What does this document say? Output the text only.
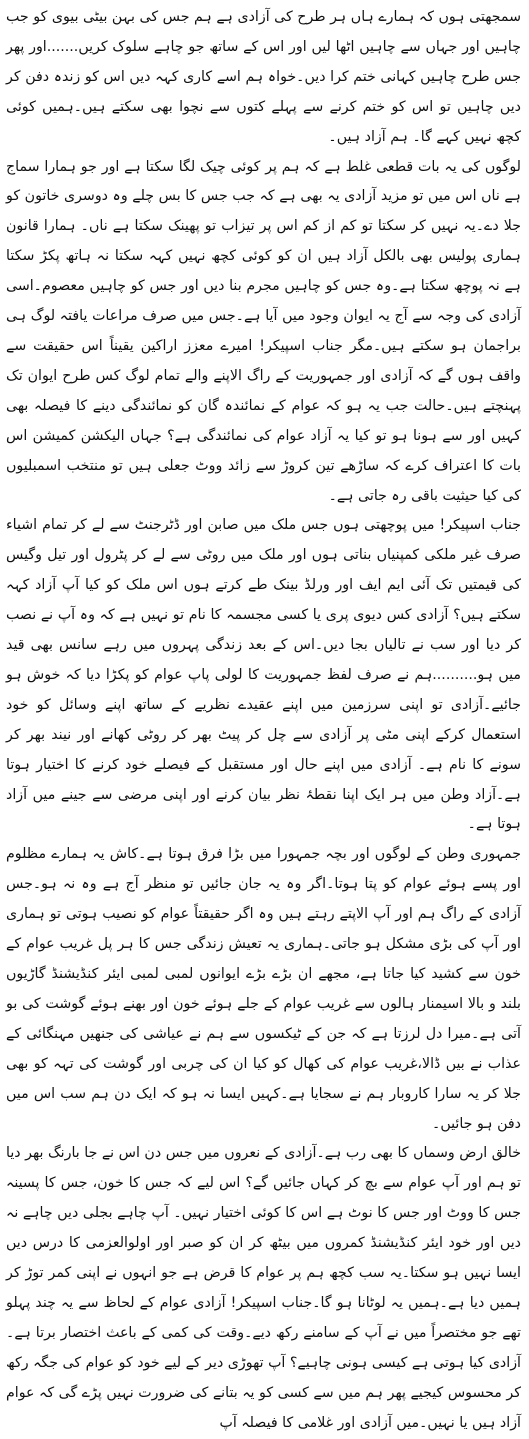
سمجھتی ہوں کہ ہمارے ہاں ہر طرح کی آزادی ہے ہم جس کی بہن بیٹی بیوی کو جب چاہیں اور جہاں سے چاہیں اٹھا لیں اور اس کے ساتھ جو چاہے سلوک کریں.......اور پھر جس طرح چاہیں کہانی ختم کرا دیں۔خواہ ہم اسے کاری کہہ دیں اس کو زندہ دفن کر دیں چاہیں تو اس کو ختم کرنے سے پہلے کتوں سے نچوا بھی سکتے ہیں۔ہمیں کوئی کچھ نہیں کہے گا۔ ہم آزاد ہیں۔

لوگوں کی یہ بات قطعی غلط ہے کہ ہم پر کوئی چیک لگا سکتا ہے اور جو ہمارا سماج ہے ناں اس میں تو مزید آزادی یہ بھی ہے کہ جب جس کا بس چلے وہ دوسری خاتون کو جلا دے۔یہ نہیں کر سکتا تو کم از کم اس پر تیزاب تو پھینک سکتا ہے ناں۔ ہمارا قانون ہماری پولیس بھی بالکل آزاد ہیں ان کو کوئی کچھ نہیں کہہ سکتا نہ ہاتھ پکڑ سکتا ہے نہ پوچھ سکتا ہے۔وہ جس کو چاہیں مجرم بنا دیں اور جس کو چاہیں معصوم۔اسی آزادی کی وجہ سے آج یہ ایوان وجود میں آیا ہے۔جس میں صرف مراعات یافتہ لوگ ہی براجمان ہو سکتے ہیں۔مگر جناب اسپیکر! امیرے معزز اراکین یقیناً اس حقیقت سے واقف ہوں گے کہ آزادی اور جمہوریت کے راگ الاپنے والے تمام لوگ کس طرح ایوان تک پہنچتے ہیں۔حالت جب یہ ہو کہ عوام کے نمائندہ گان کو نمائندگی دینے کا فیصلہ بھی کہیں اور سے ہونا ہو تو کیا یہ آزاد عوام کی نمائندگی ہے؟ جہاں الیکشن کمیشن اس بات کا اعتراف کرے کہ ساڑھے تین کروڑ سے زائد ووٹ جعلی ہیں تو منتخب اسمبلیوں کی کیا حیثیت باقی رہ جاتی ہے۔

جناب اسپیکر! میں پوچھتی ہوں جس ملک میں صابن اور ڈٹرجنٹ سے لے کر تمام اشیاء صرف غیر ملکی کمپنیاں بناتی ہوں اور ملک میں روٹی سے لے کر پٹرول اور تیل وگیس کی قیمتیں تک آئی ایم ایف اور ورلڈ بینک طے کرتے ہوں اس ملک کو کیا آپ آزاد کہہ سکتے ہیں؟ آزادی کس دیوی پری یا کسی مجسمہ کا نام تو نہیں ہے کہ وہ آپ نے نصب کر دیا اور سب نے تالیاں بجا دیں۔اس کے بعد زندگی پہروں میں رہے سانس بھی قید میں ہو..........ہم نے صرف لفظ جمہوریت کا لولی پاپ عوام کو پکڑا دیا کہ خوش ہو جائیے۔آزادی تو اپنی سرزمین میں اپنے عقیدے نظریے کے ساتھ اپنے وسائل کو خود استعمال کرکے اپنی مٹی پر آزادی سے چل کر پیٹ بھر کر روٹی کھانے اور نیند بھر کر سونے کا نام ہے۔ آزادی میں اپنے حال اور مستقبل کے فیصلے خود کرنے کا اختیار ہوتا ہے۔آزاد وطن میں ہر ایک اپنا نقطۂ نظر بیان کرنے اور اپنی مرضی سے جینے میں آزاد ہوتا ہے۔

جمہوری وطن کے لوگوں اور بچہ جمہورا میں بڑا فرق ہوتا ہے۔کاش یہ ہمارے مظلوم اور پسے ہوئے عوام کو پتا ہوتا۔اگر وہ یہ جان جائیں تو منظر آج ہے وہ نہ ہو۔جس آزادی کے راگ ہم اور آپ الاپتے رہتے ہیں وہ اگر حقیقتاً عوام کو نصیب ہوتی تو ہماری اور آپ کی بڑی مشکل ہو جاتی۔ہماری یہ تعیش زندگی جس کا ہر پل غریب عوام کے خون سے کشید کیا جاتا ہے، مجھے ان بڑے بڑے ایوانوں لمبی لمبی ایئر کنڈیشنڈ گاڑیوں بلند و بالا اسیمنار ہالوں سے غریب عوام کے جلے ہوئے خون اور بھنے ہوئے گوشت کی بو آتی ہے۔میرا دل لرزتا ہے کہ جن کے ٹیکسوں سے ہم نے عیاشی کی جنھیں مہنگائی کے عذاب نے بیں ڈالا،غریب عوام کی کھال کو کیا ان کی چربی اور گوشت کی تہہ کو بھی جلا کر یہ سارا کاروبار ہم نے سجایا ہے۔کہیں ایسا نہ ہو کہ ایک دن ہم سب اس میں دفن ہو جائیں۔

خالق ارض وسماں کا بھی رب ہے۔آزادی کے نعروں میں جس دن اس نے جا بارنگ بھر دیا تو ہم اور آپ عوام سے بچ کر کہاں جائیں گے؟ اس لیے کہ جس کا خون، جس کا پسینہ جس کا ووٹ اور جس کا نوٹ ہے اس کا کوئی اختیار نہیں۔ آپ چاہے بجلی دیں چاہے نہ دیں اور خود ایئر کنڈیشنڈ کمروں میں بیٹھ کر ان کو صبر اور اولوالعزمی کا درس دیں ایسا نہیں ہو سکتا۔یہ سب کچھ ہم پر عوام کا قرض ہے جو انہوں نے اپنی کمر توڑ کر ہمیں دیا ہے۔ہمیں یہ لوٹانا ہو گا۔جناب اسپیکر! آزادی عوام کے لحاظ سے یہ چند پہلو تھے جو مختصراً میں نے آپ کے سامنے رکھ دیے۔وقت کی کمی کے باعث اختصار برتا ہے۔آزادی کیا ہوتی ہے کیسی ہونی چاہیے؟ آپ تھوڑی دیر کے لیے خود کو عوام کی جگہ رکھ کر محسوس کیجیے پھر ہم میں سے کسی کو یہ بتانے کی ضرورت نہیں پڑے گی کہ عوام آزاد ہیں یا نہیں۔میں آزادی اور غلامی کا فیصلہ آپ
